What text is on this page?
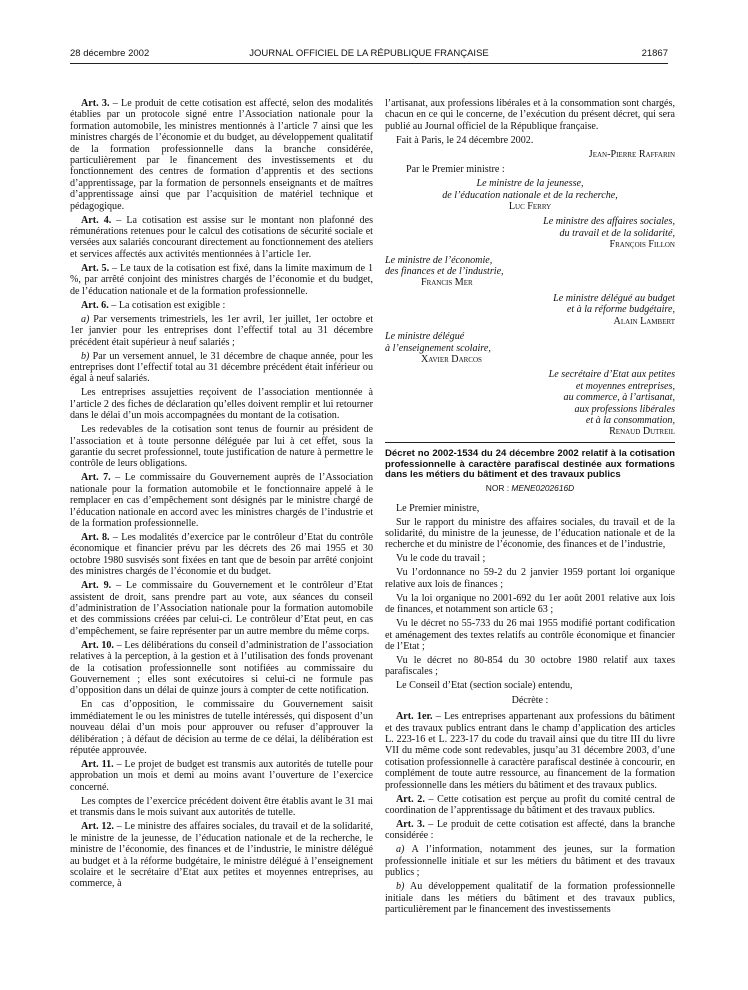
28 décembre 2002	JOURNAL OFFICIEL DE LA RÉPUBLIQUE FRANÇAISE	21867

Art. 3. – Le produit de cette cotisation est affecté, selon des modalités établies par un protocole signé entre l’Association nationale pour la formation automobile, les ministres mentionnés à l’article 7 ainsi que les ministres chargés de l’économie et du budget, au développement qualitatif de la formation professionnelle dans la branche considérée, particulièrement par le financement des investissements et du fonctionnement des centres de formation d’apprentis et des sections d’apprentissage, par la formation de personnels enseignants et de maîtres d’apprentissage ainsi que par l’acquisition de matériel technique et pédagogique.

Art. 4. – La cotisation est assise sur le montant non plafonné des rémunérations retenues pour le calcul des cotisations de sécurité sociale et versées aux salariés concourant directement au fonctionnement des ateliers et services affectés aux activités mentionnées à l’article 1er.

Art. 5. – Le taux de la cotisation est fixé, dans la limite maximum de 1 %, par arrêté conjoint des ministres chargés de l’économie et du budget, de l’éducation nationale et de la formation professionnelle.

Art. 6. – La cotisation est exigible :

a) Par versements trimestriels, les 1er avril, 1er juillet, 1er octobre et 1er janvier pour les entreprises dont l’effectif total au 31 décembre précédent était supérieur à neuf salariés ;

b) Par un versement annuel, le 31 décembre de chaque année, pour les entreprises dont l’effectif total au 31 décembre précédent était inférieur ou égal à neuf salariés.

Les entreprises assujetties reçoivent de l’association mentionnée à l’article 2 des fiches de déclaration qu’elles doivent remplir et lui retourner dans le délai d’un mois accompagnées du montant de la cotisation.

Les redevables de la cotisation sont tenus de fournir au président de l’association et à toute personne déléguée par lui à cet effet, sous la garantie du secret professionnel, toute justification de nature à permettre le contrôle de leurs obligations.

Art. 7. – Le commissaire du Gouvernement auprès de l’Association nationale pour la formation automobile et le fonctionnaire appelé à le remplacer en cas d’empêchement sont désignés par le ministre chargé de l’éducation nationale en accord avec les ministres chargés de l’industrie et de la formation professionnelle.

Art. 8. – Les modalités d’exercice par le contrôleur d’Etat du contrôle économique et financier prévu par les décrets des 26 mai 1955 et 30 octobre 1980 susvisés sont fixées en tant que de besoin par arrêté conjoint des ministres chargés de l’économie et du budget.

Art. 9. – Le commissaire du Gouvernement et le contrôleur d’Etat assistent de droit, sans prendre part au vote, aux séances du conseil d’administration de l’Association nationale pour la formation automobile et des commissions créées par celui-ci. Le contrôleur d’Etat peut, en cas d’empêchement, se faire représenter par un autre membre du même corps.

Art. 10. – Les délibérations du conseil d’administration de l’association relatives à la perception, à la gestion et à l’utilisation des fonds provenant de la cotisation professionnelle sont notifiées au commissaire du Gouvernement ; elles sont exécutoires si celui-ci ne formule pas d’opposition dans un délai de quinze jours à compter de cette notification.

En cas d’opposition, le commissaire du Gouvernement saisit immédiatement le ou les ministres de tutelle intéressés, qui disposent d’un nouveau délai d’un mois pour approuver ou refuser d’approuver la délibération ; à défaut de décision au terme de ce délai, la délibération est réputée approuvée.

Art. 11. – Le projet de budget est transmis aux autorités de tutelle pour approbation un mois et demi au moins avant l’ouverture de l’exercice concerné.

Les comptes de l’exercice précédent doivent être établis avant le 31 mai et transmis dans le mois suivant aux autorités de tutelle.

Art. 12. – Le ministre des affaires sociales, du travail et de la solidarité, le ministre de la jeunesse, de l’éducation nationale et de la recherche, le ministre de l’économie, des finances et de l’industrie, le ministre délégué au budget et à la réforme budgétaire, le ministre délégué à l’enseignement scolaire et le secrétaire d’Etat aux petites et moyennes entreprises, au commerce, à

l’artisanat, aux professions libérales et à la consommation sont chargés, chacun en ce qui le concerne, de l’exécution du présent décret, qui sera publié au Journal officiel de la République française.

Fait à Paris, le 24 décembre 2002.

Jean-Pierre Raffarin

Par le Premier ministre :

Le ministre de la jeunesse,
de l’éducation nationale et de la recherche,
Luc Ferry
Le ministre des affaires sociales,
du travail et de la solidarité,
François Fillon
Le ministre de l’économie,
des finances et de l’industrie,
Francis Mer
Le ministre délégué au budget
et à la réforme budgétaire,
Alain Lambert
Le ministre délégué
à l’enseignement scolaire,
Xavier Darcos
Le secrétaire d’Etat aux petites
et moyennes entreprises,
au commerce, à l’artisanat,
aux professions libérales
et à la consommation,
Renaud Dutreil
Décret no 2002-1534 du 24 décembre 2002 relatif à la cotisation professionnelle à caractère parafiscal destinée aux formations dans les métiers du bâtiment et des travaux publics
NOR : MENE0202616D

Le Premier ministre,

Sur le rapport du ministre des affaires sociales, du travail et de la solidarité, du ministre de la jeunesse, de l’éducation nationale et de la recherche et du ministre de l’économie, des finances et de l’industrie,

Vu le code du travail ;

Vu l’ordonnance no 59-2 du 2 janvier 1959 portant loi organique relative aux lois de finances ;

Vu la loi organique no 2001-692 du 1er août 2001 relative aux lois de finances, et notamment son article 63 ;

Vu le décret no 55-733 du 26 mai 1955 modifié portant codification et aménagement des textes relatifs au contrôle économique et financier de l’Etat ;

Vu le décret no 80-854 du 30 octobre 1980 relatif aux taxes parafiscales ;

Le Conseil d’Etat (section sociale) entendu,

Décrète :

Art. 1er. – Les entreprises appartenant aux professions du bâtiment et des travaux publics entrant dans le champ d’application des articles L. 223-16 et L. 223-17 du code du travail ainsi que du titre III du livre VII du même code sont redevables, jusqu’au 31 décembre 2003, d’une cotisation professionnelle à caractère parafiscal destinée à concourir, en complément de toute autre ressource, au financement de la formation professionnelle dans les métiers du bâtiment et des travaux publics.

Art. 2. – Cette cotisation est perçue au profit du comité central de coordination de l’apprentissage du bâtiment et des travaux publics.

Art. 3. – Le produit de cette cotisation est affecté, dans la branche considérée :

a) A l’information, notamment des jeunes, sur la formation professionnelle initiale et sur les métiers du bâtiment et des travaux publics ;

b) Au développement qualitatif de la formation professionnelle initiale dans les métiers du bâtiment et des travaux publics, particulièrement par le financement des investissements
